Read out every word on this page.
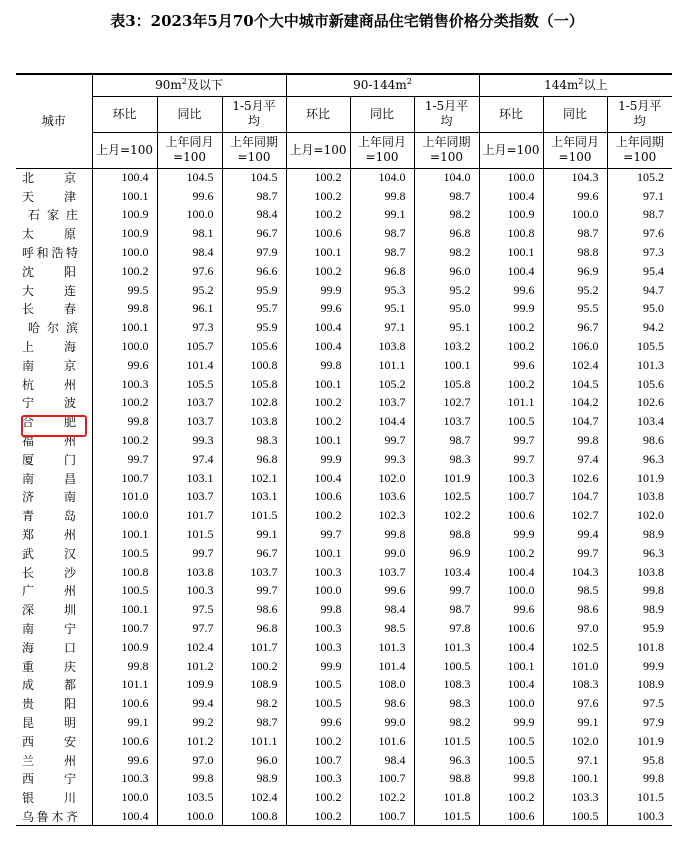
表3：2023年5月70个大中城市新建商品住宅销售价格分类指数（一）
城市	$90m^2$及以下			$90-144m^2$			$144m^2$以上		

	环比	同比	1-5月平均	环比	同比	1-5月平均	环比	同比	1-5月平均

	上月=100	上年同月=100	上年同期=100	上月=100	上年同月=100	上年同期=100	上月=100	上年同月=100	上年同期=100

北京	100.4	104.5	104.5	100.2	104.0	104.0	100.0	104.3	105.2
天津	100.1	99.6	98.7	100.2	99.8	98.7	100.4	99.6	97.1
石家庄	100.9	100.0	98.4	100.2	99.1	98.2	100.9	100.0	98.7
太原	100.9	98.1	96.7	100.6	98.7	96.8	100.8	98.7	97.6
呼和浩特	100.0	98.4	97.9	100.1	98.7	98.2	100.1	98.8	97.3
沈阳	100.2	97.6	96.6	100.2	96.8	96.0	100.4	96.9	95.4
大连	99.5	95.2	95.9	99.9	95.3	95.2	99.6	95.2	94.7
长春	99.8	96.1	95.7	99.6	95.1	95.0	99.9	95.5	95.0
哈尔滨	100.1	97.3	95.9	100.4	97.1	95.1	100.2	96.7	94.2
上海	100.0	105.7	105.6	100.4	103.8	103.2	100.2	106.0	105.5
南京	99.6	101.4	100.8	99.8	101.1	100.1	99.6	102.4	101.3
杭州	100.3	105.5	105.8	100.1	105.2	105.8	100.2	104.5	105.6
宁波	100.2	103.7	102.8	100.2	103.7	102.7	101.1	104.2	102.6
合肥	99.8	103.7	103.8	100.2	104.4	103.7	100.5	104.7	103.4
福州	100.2	99.3	98.3	100.1	99.7	98.7	99.7	99.8	98.6
厦门	99.7	97.4	96.8	99.9	99.3	98.3	99.7	97.4	96.3
南昌	100.7	103.1	102.1	100.4	102.0	101.9	100.3	102.6	101.9
济南	101.0	103.7	103.1	100.6	103.6	102.5	100.7	104.7	103.8
青岛	100.0	101.7	101.5	100.2	102.3	102.2	100.6	102.7	102.0
郑州	100.1	101.5	99.1	99.7	99.8	98.8	99.9	99.4	98.9
武汉	100.5	99.7	96.7	100.1	99.0	96.9	100.2	99.7	96.3
长沙	100.8	103.8	103.7	100.3	103.7	103.4	100.4	104.3	103.8
广州	100.5	100.3	99.7	100.0	99.6	99.7	100.0	98.5	99.8
深圳	100.1	97.5	98.6	99.8	98.4	98.7	99.6	98.6	98.9
南宁	100.7	97.7	96.8	100.3	98.5	97.8	100.6	97.0	95.9
海口	100.9	102.4	101.7	100.3	101.3	101.3	100.4	102.5	101.8
重庆	99.8	101.2	100.2	99.9	101.4	100.5	100.1	101.0	99.9
成都	101.1	109.9	108.9	100.5	108.0	108.3	100.4	108.3	108.9
贵阳	100.6	99.4	98.2	100.5	98.6	98.3	100.0	97.6	97.5
昆明	99.1	99.2	98.7	99.6	99.0	98.2	99.9	99.1	97.9
西安	100.6	101.2	101.1	100.2	101.6	101.5	100.5	102.0	101.9
兰州	99.6	97.0	96.0	100.7	98.4	96.3	100.5	97.1	95.8
西宁	100.3	99.8	98.9	100.3	100.7	98.8	99.8	100.1	99.8
银川	100.0	103.5	102.4	100.2	102.2	101.8	100.2	103.3	101.5
乌鲁木齐	100.4	100.0	100.8	100.2	100.7	101.5	100.6	100.5	100.3
